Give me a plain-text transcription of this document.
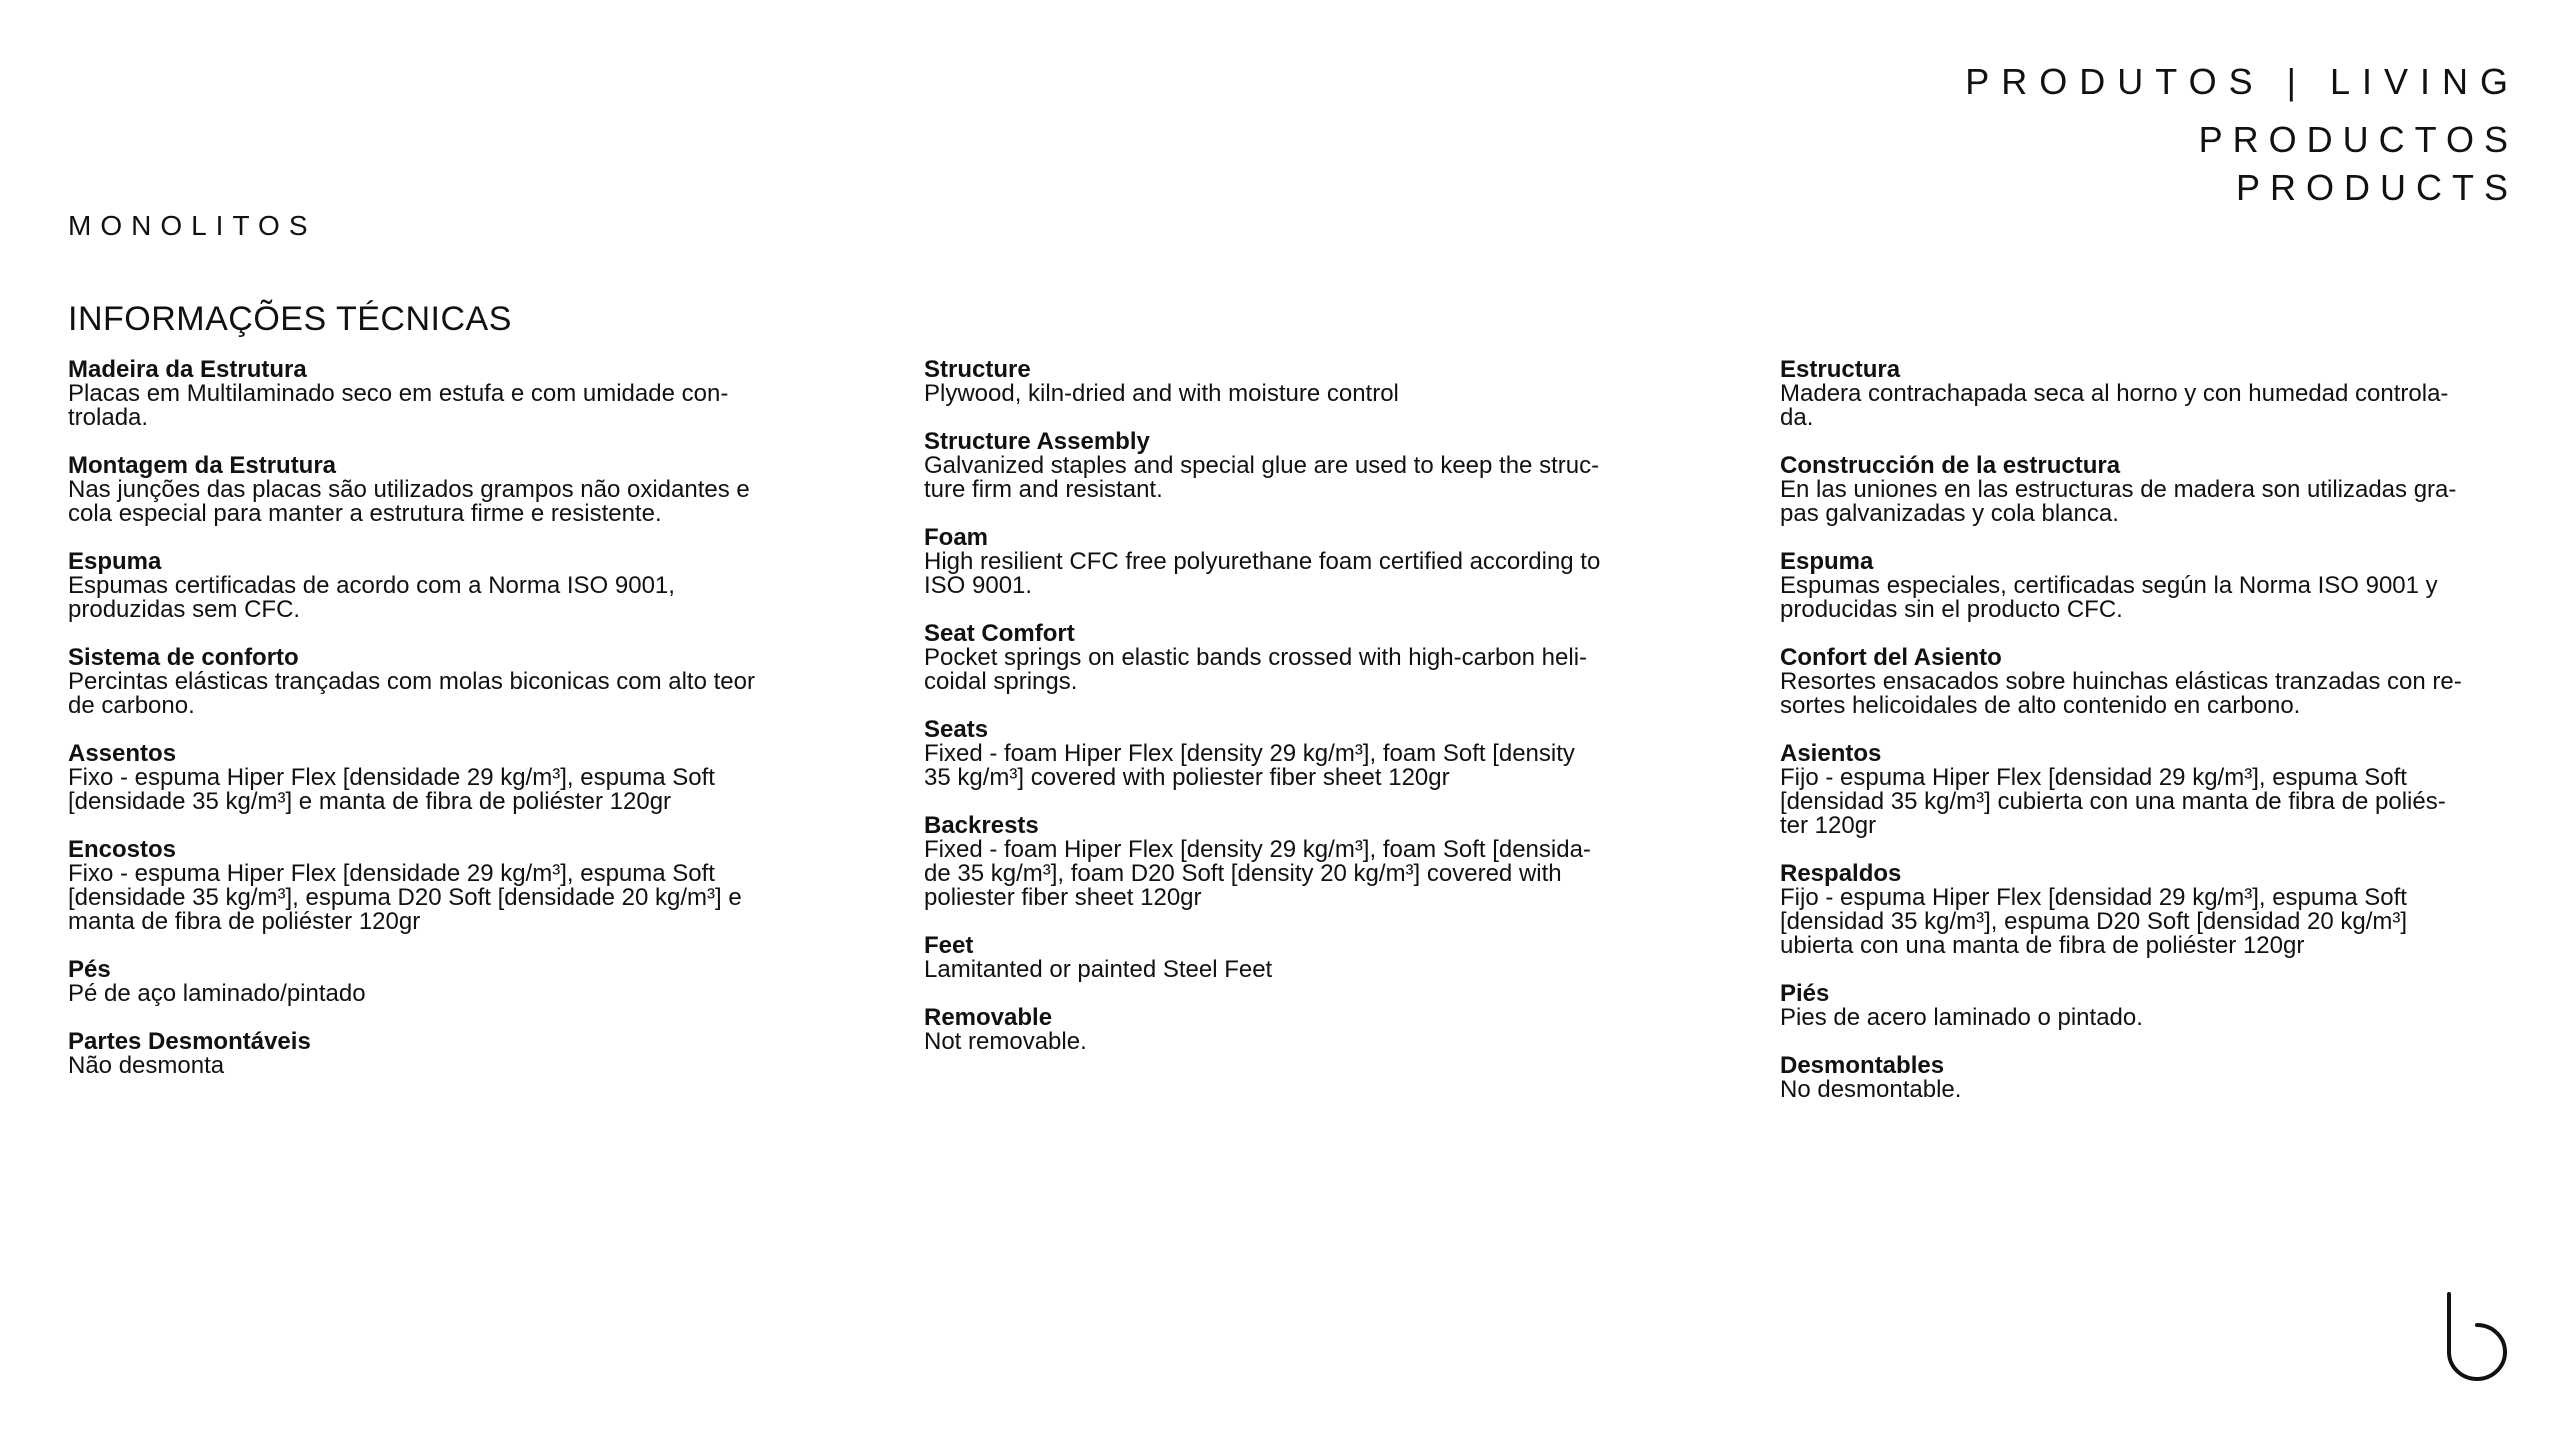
PRODUTOS | LIVING
PRODUCTOS
PRODUCTS
MONOLITOS
INFORMAÇÕES TÉCNICAS
Madeira da Estrutura
Placas em Multilaminado seco em estufa e com umidade con-
trolada.
Montagem da Estrutura
Nas junções das placas são utilizados grampos não oxidantes e
cola especial para manter a estrutura firme e resistente.
Espuma
Espumas certificadas de acordo com a Norma ISO 9001,
produzidas sem CFC.
Sistema de conforto
Percintas elásticas trançadas com molas biconicas com alto teor
de carbono.
Assentos
Fixo - espuma Hiper Flex [densidade 29 kg/m³], espuma Soft
[densidade 35 kg/m³] e manta de fibra de poliéster 120gr
Encostos
Fixo - espuma Hiper Flex [densidade 29 kg/m³], espuma Soft
[densidade 35 kg/m³], espuma D20 Soft [densidade 20 kg/m³] e
manta de fibra de poliéster 120gr
Pés
Pé de aço laminado/pintado
Partes Desmontáveis
Não desmonta
Structure
Plywood, kiln-dried and with moisture control
Structure Assembly
Galvanized staples and special glue are used to keep the struc-
ture firm and resistant.
Foam
High resilient CFC free polyurethane foam certified according to
ISO 9001.
Seat Comfort
Pocket springs on elastic bands crossed with high-carbon heli-
coidal springs.
Seats
Fixed - foam Hiper Flex [density 29 kg/m³], foam Soft [density
35 kg/m³] covered with poliester fiber sheet 120gr
Backrests
Fixed - foam Hiper Flex [density 29 kg/m³], foam Soft [densida-
de 35 kg/m³], foam D20 Soft [density 20 kg/m³] covered with
poliester fiber sheet 120gr
Feet
Lamitanted or painted Steel Feet
Removable
Not removable.
Estructura
Madera contrachapada seca al horno y con humedad controla-
da.
Construcción de la estructura
En las uniones en las estructuras de madera son utilizadas gra-
pas galvanizadas y cola blanca.
Espuma
Espumas especiales, certificadas según la Norma ISO 9001 y
producidas sin el producto CFC.
Confort del Asiento
Resortes ensacados sobre huinchas elásticas tranzadas con re-
sortes helicoidales de alto contenido en carbono.
Asientos
Fijo - espuma Hiper Flex [densidad 29 kg/m³], espuma Soft
[densidad 35 kg/m³] cubierta con una manta de fibra de poliés-
ter 120gr
Respaldos
Fijo - espuma Hiper Flex [densidad 29 kg/m³], espuma Soft
[densidad 35 kg/m³], espuma D20 Soft [densidad 20 kg/m³]
ubierta con una manta de fibra de poliéster 120gr
Piés
Pies de acero laminado o pintado.
Desmontables
No desmontable.
